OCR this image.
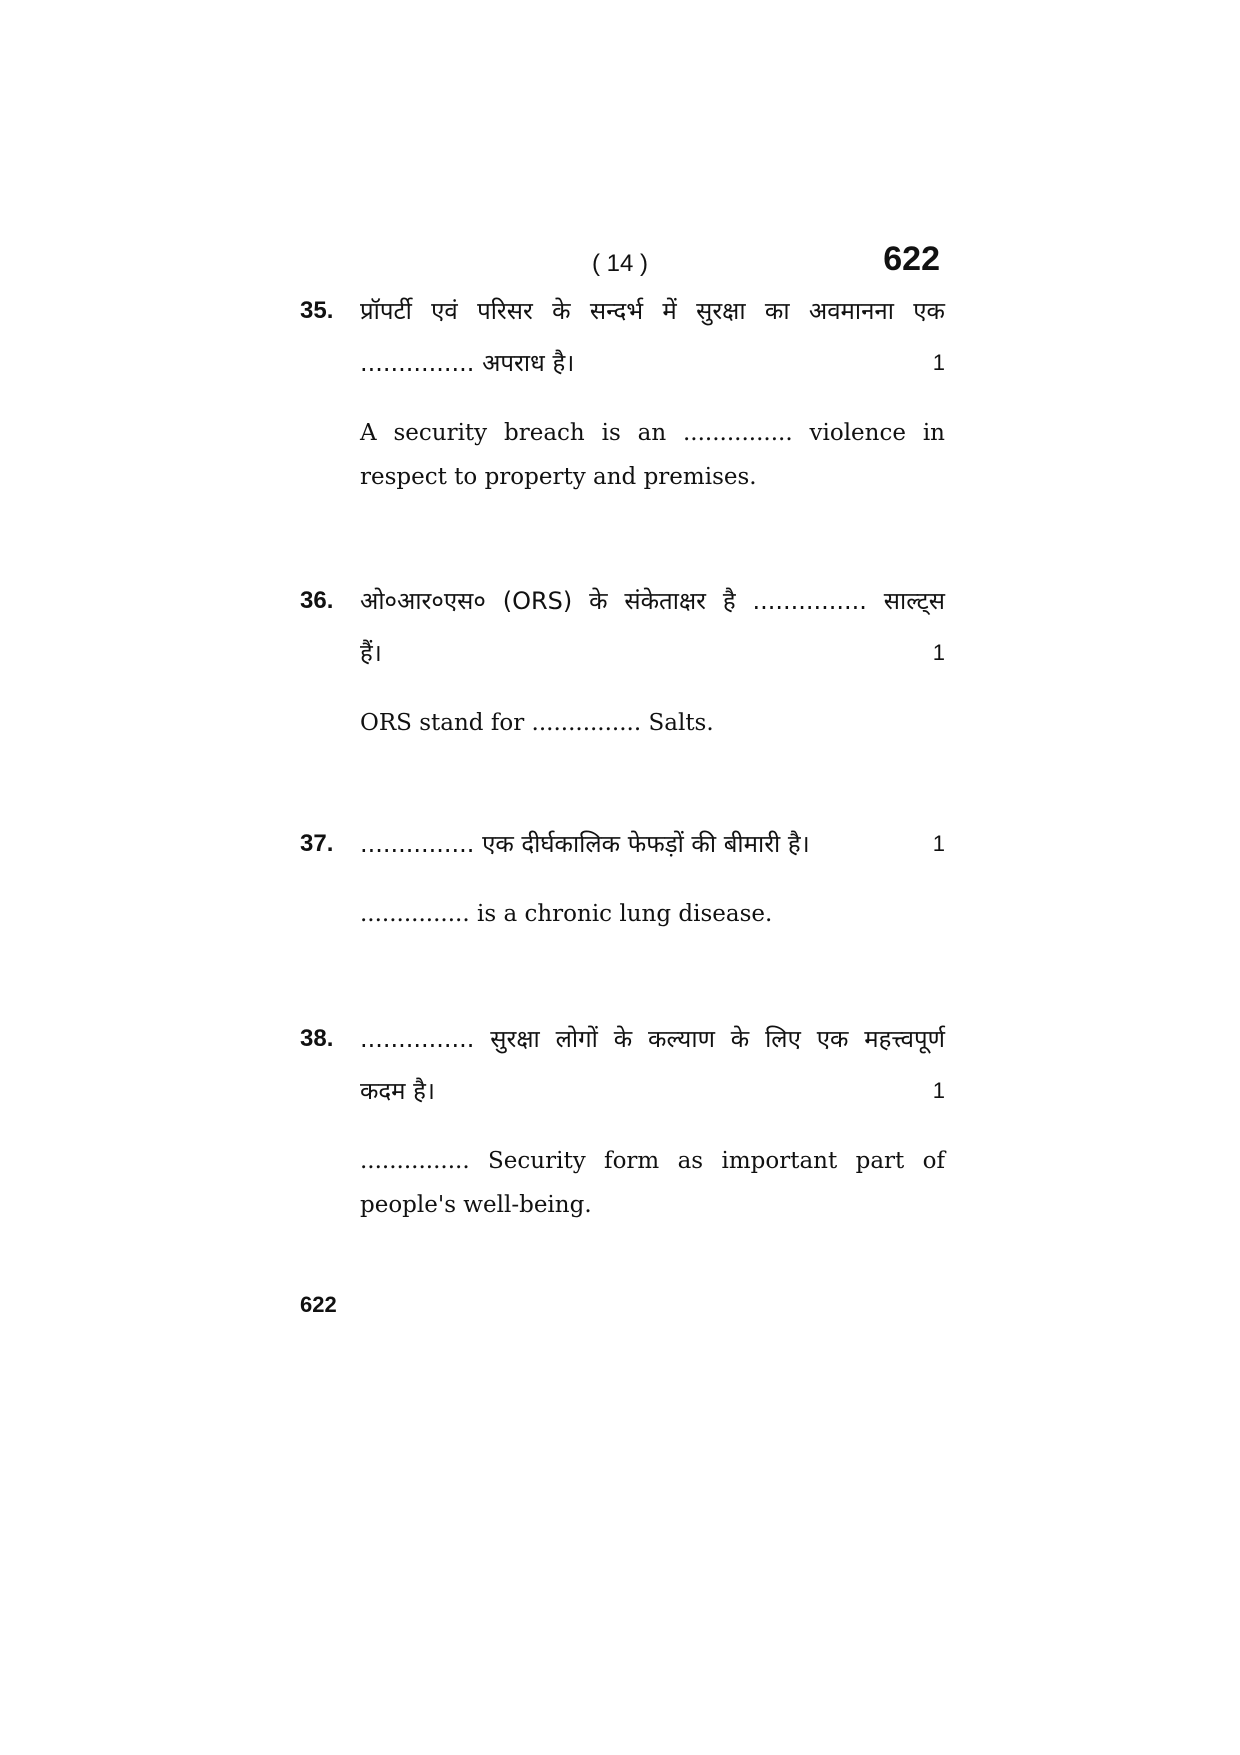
( 14 )	622
35. प्रॉपर्टी एवं परिसर के सन्दर्भ में सुरक्षा का अवमानना एक
............... अपराध है।	1
A security breach is an ............... violence in
respect to property and premises.
36. ओ०आर०एस० (ORS) के संकेताक्षर है ............... साल्ट्स
हैं।	1
ORS stand for ............... Salts.
37. ............... एक दीर्घकालिक फेफड़ों की बीमारी है।	1
............... is a chronic lung disease.
38. ............... सुरक्षा लोगों के कल्याण के लिए एक महत्त्वपूर्ण
कदम है।	1
............... Security form as important part of
people's well-being.
622
